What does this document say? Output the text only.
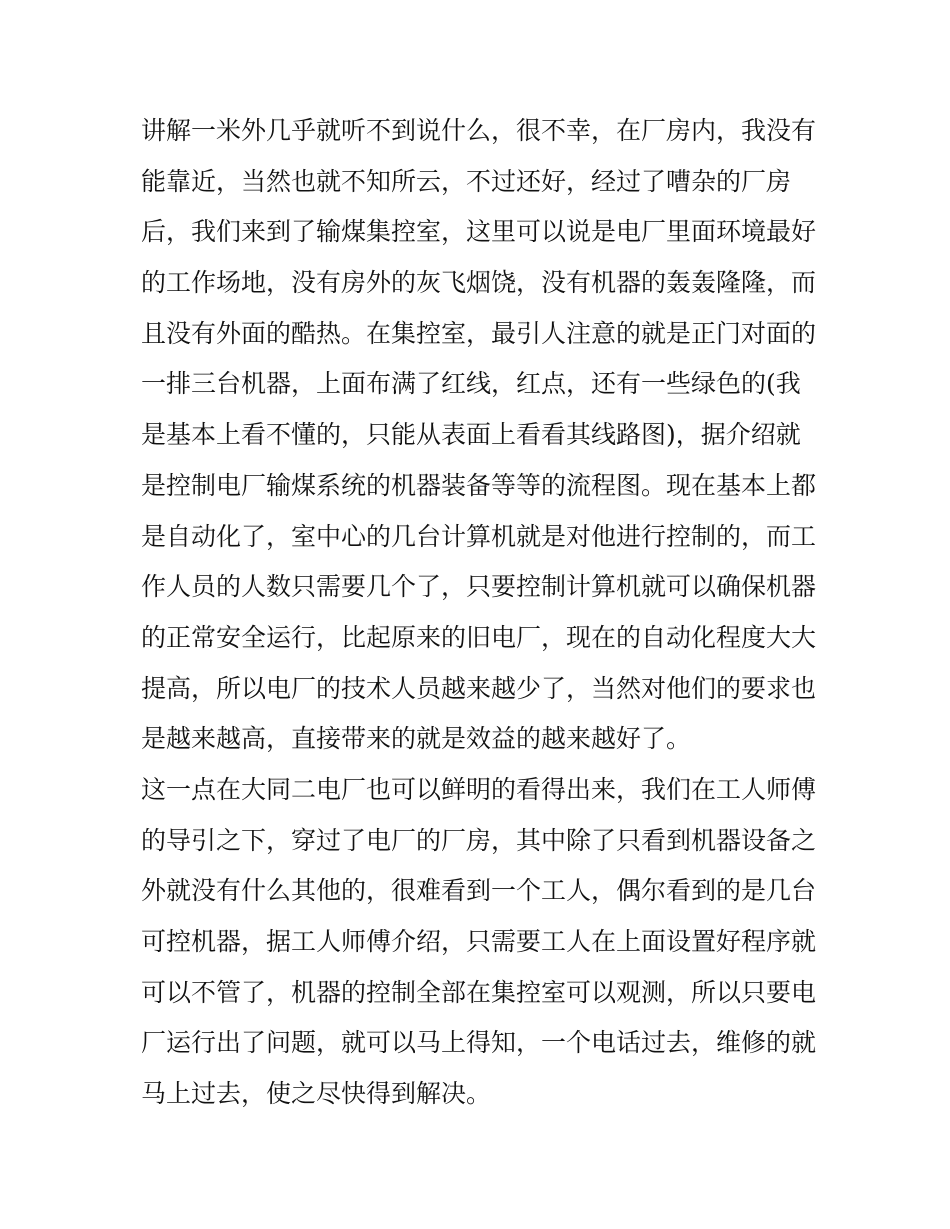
讲解一米外几乎就听不到说什么，很不幸，在厂房内，我没有
能靠近，当然也就不知所云，不过还好，经过了嘈杂的厂房
后，我们来到了输煤集控室，这里可以说是电厂里面环境最好
的工作场地，没有房外的灰飞烟饶，没有机器的轰轰隆隆，而
且没有外面的酷热。在集控室，最引人注意的就是正门对面的
一排三台机器，上面布满了红线，红点，还有一些绿色的(我
是基本上看不懂的，只能从表面上看看其线路图)，据介绍就
是控制电厂输煤系统的机器装备等等的流程图。现在基本上都
是自动化了，室中心的几台计算机就是对他进行控制的，而工
作人员的人数只需要几个了，只要控制计算机就可以确保机器
的正常安全运行，比起原来的旧电厂，现在的自动化程度大大
提高，所以电厂的技术人员越来越少了，当然对他们的要求也
是越来越高，直接带来的就是效益的越来越好了。
这一点在大同二电厂也可以鲜明的看得出来，我们在工人师傅
的导引之下，穿过了电厂的厂房，其中除了只看到机器设备之
外就没有什么其他的，很难看到一个工人，偶尔看到的是几台
可控机器，据工人师傅介绍，只需要工人在上面设置好程序就
可以不管了，机器的控制全部在集控室可以观测，所以只要电
厂运行出了问题，就可以马上得知，一个电话过去，维修的就
马上过去，使之尽快得到解决。
